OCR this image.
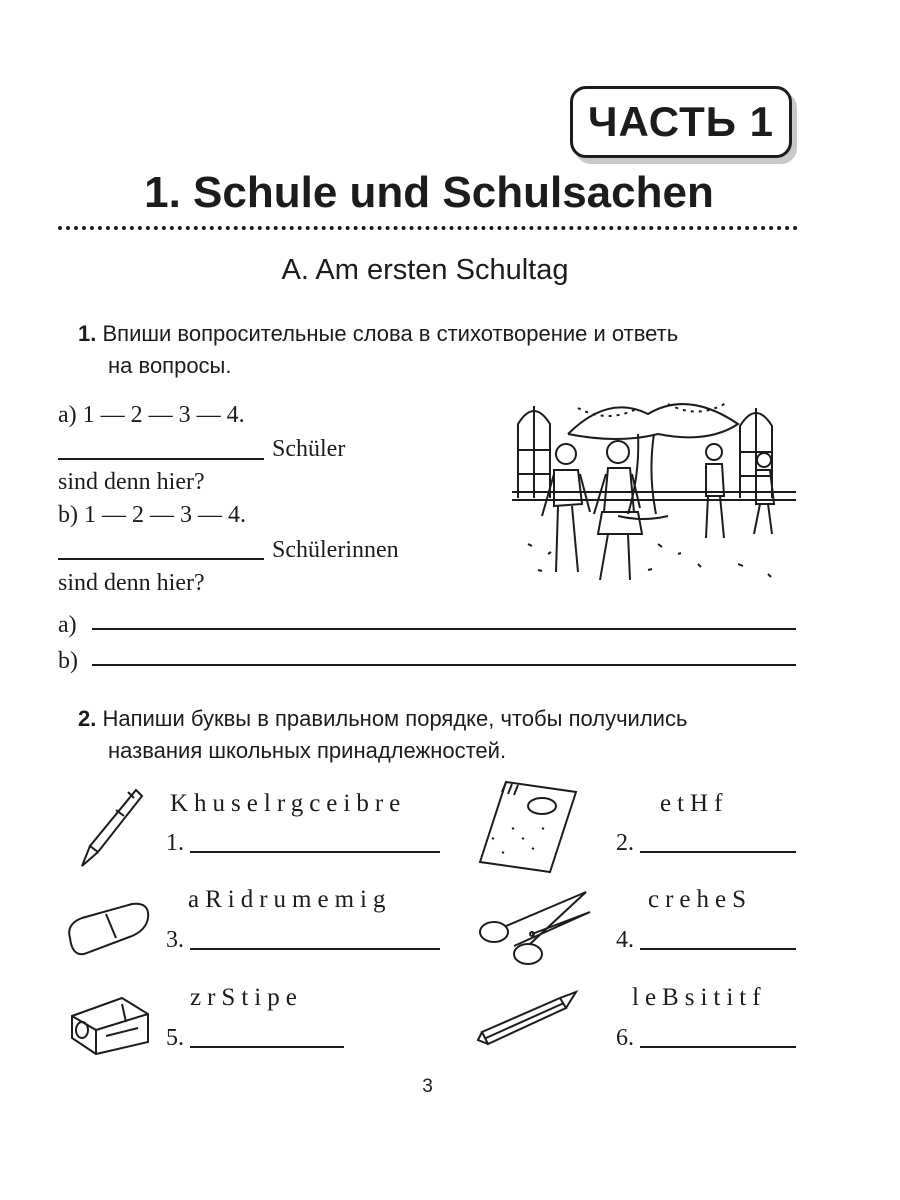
ЧАСТЬ 1
1. Schule und Schulsachen
A. Am ersten Schultag
1. Впиши вопросительные слова в стихотворение и ответь
на вопросы.
a) 1 — 2 — 3 — 4.
Schüler
sind denn hier?
b) 1 — 2 — 3 — 4.
Schülerinnen
sind denn hier?
a)
b)
2. Напиши буквы в правильном порядке, чтобы получились
названия школьных принадлежностей.
Khuselrgceibre
1.
etHf
2.
aRidrumemig
3.
creheS
4.
zrStipe
5.
leBsititf
6.
3
